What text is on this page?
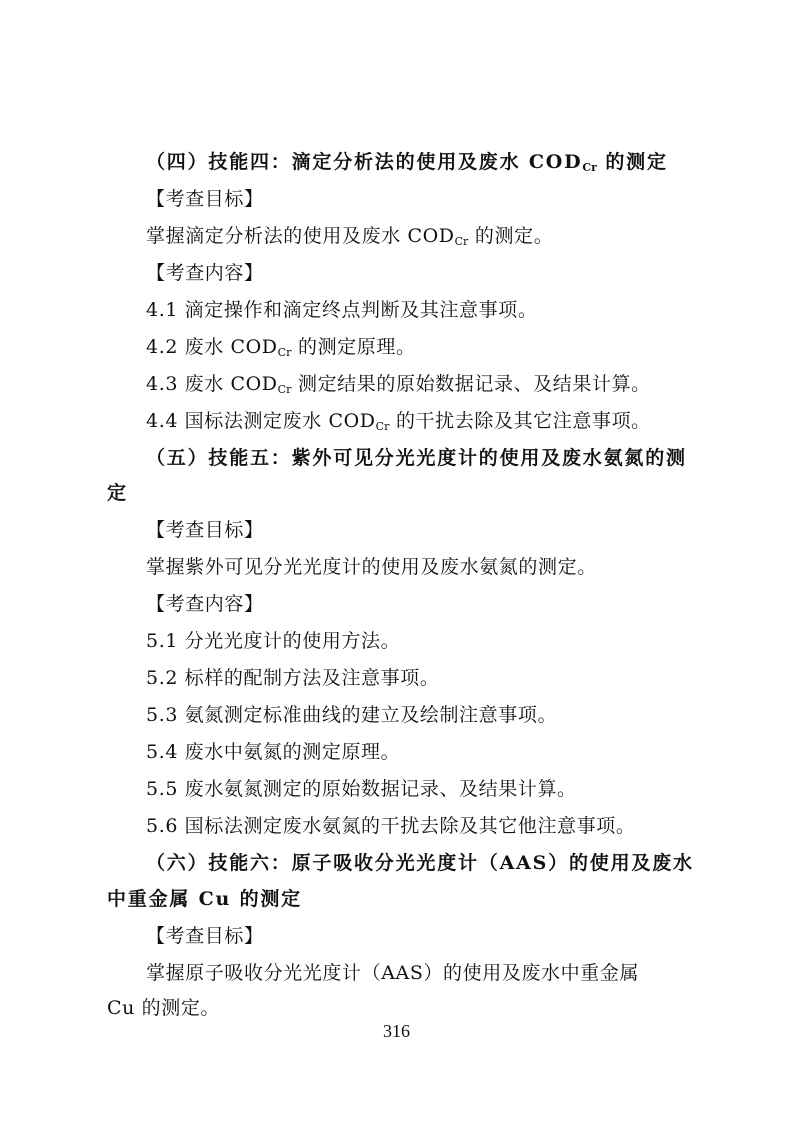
（四）技能四：滴定分析法的使用及废水 $COD_{Cr}$ 的测定
【考查目标】
掌握滴定分析法的使用及废水 $COD_{Cr}$ 的测定。
【考查内容】
4.1 滴定操作和滴定终点判断及其注意事项。
4.2 废水 $COD_{Cr}$ 的测定原理。
4.3 废水 $COD_{Cr}$ 测定结果的原始数据记录、及结果计算。
4.4 国标法测定废水 $COD_{Cr}$ 的干扰去除及其它注意事项。
（五）技能五：紫外可见分光光度计的使用及废水氨氮的测
定
【考查目标】
掌握紫外可见分光光度计的使用及废水氨氮的测定。
【考查内容】
5.1 分光光度计的使用方法。
5.2 标样的配制方法及注意事项。
5.3 氨氮测定标准曲线的建立及绘制注意事项。
5.4 废水中氨氮的测定原理。
5.5 废水氨氮测定的原始数据记录、及结果计算。
5.6 国标法测定废水氨氮的干扰去除及其它他注意事项。
（六）技能六：原子吸收分光光度计（AAS）的使用及废水
中重金属 Cu 的测定
【考查目标】
掌握原子吸收分光光度计（AAS）的使用及废水中重金属
Cu 的测定。
316
